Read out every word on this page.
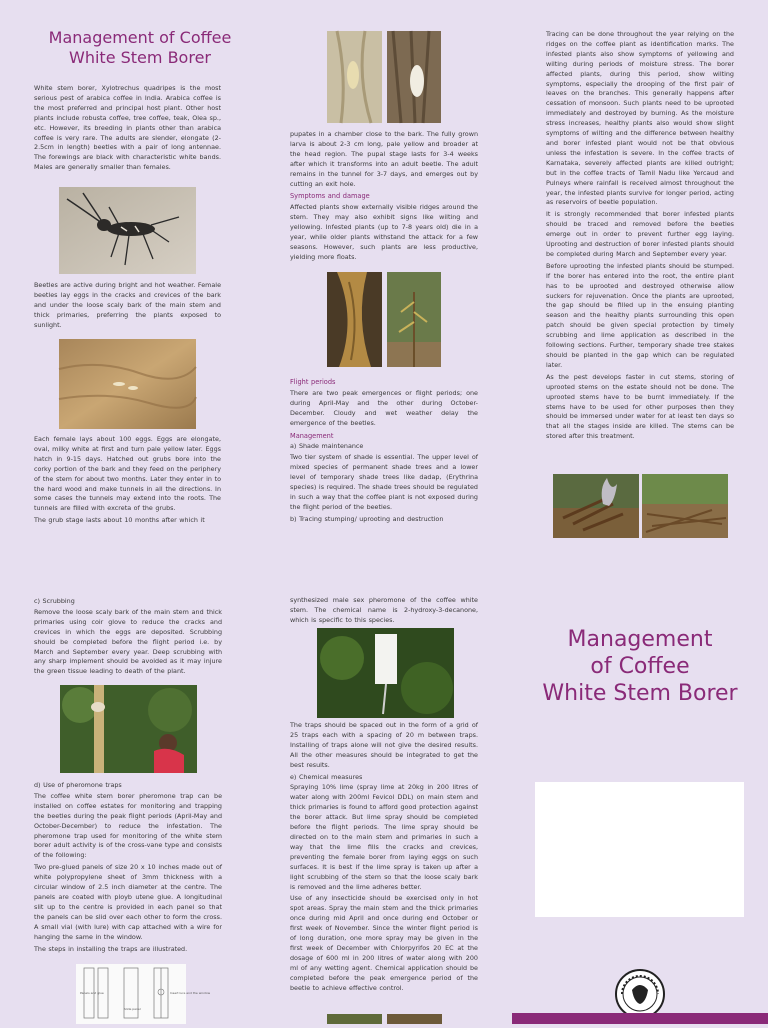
Management of Coffee
White Stem Borer

White stem borer, Xylotrechus quadripes is the most serious pest of arabica coffee in India. Arabica coffee is the most preferred and principal host plant. Other host plants include robusta coffee, tree coffee, teak, Olea sp., etc. However, its breeding in plants other than arabica coffee is very rare. The adults are slender, elongate (2-2.5cm in length) beetles with a pair of long antennae. The forewings are black with characteristic white bands. Males are generally smaller than females.

Beetles are active during bright and hot weather. Female beetles lay eggs in the cracks and crevices of the bark and under the loose scaly bark of the main stem and thick primaries, preferring the plants exposed to sunlight.

Each female lays about 100 eggs. Eggs are elongate, oval, milky white at first and turn pale yellow later. Eggs hatch in 9-15 days. Hatched out grubs bore into the corky portion of the bark and they feed on the periphery of the stem for about two months. Later they enter in to the hard wood and make tunnels in all the directions. In some cases the tunnels may extend into the roots. The tunnels are filled with excreta of the grubs.

The grub stage lasts about 10 months after which it

pupates in a chamber close to the bark. The fully grown larva is about 2-3 cm long, pale yellow and broader at the head region. The pupal stage lasts for 3-4 weeks after which it transforms into an adult beetle. The adult remains in the tunnel for 3-7 days, and emerges out by cutting an exit hole.

Symptoms and damage

Affected plants show externally visible ridges around the stem. They may also exhibit signs like wilting and yellowing. Infested plants (up to 7-8 years old) die in a year, while older plants withstand the attack for a few seasons. However, such plants are less productive, yielding more floats.

Flight periods

There are two peak emergences or flight periods; one during April-May and the other during October-December. Cloudy and wet weather delay the emergence of the beetles.

Management
a) Shade maintenance

Two tier system of shade is essential. The upper level of mixed species of permanent shade trees and a lower level of temporary shade trees like dadap, (Erythrina species) is required. The shade trees should be regulated in such a way that the coffee plant is not exposed during the flight period of the beetles.

b) Tracing stumping/ uprooting and destruction

Tracing can be done throughout the year relying on the ridges on the coffee plant as identification marks. The infested plants also show symptoms of yellowing and wilting during periods of moisture stress. The borer affected plants, during this period, show wilting symptoms, especially the drooping of the first pair of leaves on the branches. This generally happens after cessation of monsoon. Such plants need to be uprooted immediately and destroyed by burning. As the moisture stress increases, healthy plants also would show slight symptoms of wilting and the difference between healthy and borer infested plant would not be that obvious unless the infestation is severe. In the coffee tracts of Karnataka, severely affected plants are killed outright; but in the coffee tracts of Tamil Nadu like Yercaud and Pulneys where rainfall is received almost throughout the year, the infested plants survive for longer period, acting as reservoirs of beetle population.

It is strongly recommended that borer infested plants should be traced and removed before the beetles emerge out in order to prevent further egg laying. Uprooting and destruction of borer infested plants should be completed during March and September every year.

Before uprooting the infested plants should be stumped. If the borer has entered into the root, the entire plant has to be uprooted and destroyed otherwise allow suckers for rejuvenation. Once the plants are uprooted, the gap should be filled up in the ensuing planting season and the healthy plants surrounding this open patch should be given special protection by timely scrubbing and lime application as described in the following sections. Further, temporary shade tree stakes should be planted in the gap which can be regulated later.

As the pest develops faster in cut stems, storing of uprooted stems on the estate should not be done. The uprooted stems have to be burnt immediately. If the stems have to be used for other purposes then they should be immersed under water for at least ten days so that all the stages inside are killed. The stems can be stored after this treatment.

c) Scrubbing

Remove the loose scaly bark of the main stem and thick primaries using coir glove to reduce the cracks and crevices in which the eggs are deposited. Scrubbing should be completed before the flight period i.e. by March and September every year. Deep scrubbing with any sharp implement should be avoided as it may injure the green tissue leading to death of the plant.

d) Use of pheromone traps

The coffee white stem borer pheromone trap can be installed on coffee estates for monitoring and trapping the beetles during the peak flight periods (April-May and October-December) to reduce the infestation. The pheromone trap used for monitoring of the white stem borer adult activity is of the cross-vane type and consists of the following:

Two pre-glued panels of size 20 x 10 inches made out of white polypropylene sheet of 3mm thickness with a circular window of 2.5 inch diameter at the centre. The panels are coated with ployb utene glue. A longitudinal slit up to the centre is provided in each panel so that the panels can be slid over each other to form the cross. A small vial (with lure) with cap attached with a wire for hanging the same in the window.

The steps in installing the traps are illustrated.

Panels and glue
Slide panel
Insert lure and the window

synthesized male sex pheromone of the coffee white stem. The chemical name is 2-hydroxy-3-decanone, which is specific to this species.

The traps should be spaced out in the form of a grid of 25 traps each with a spacing of 20 m between traps. Installing of traps alone will not give the desired results. All the other measures should be integrated to get the best results.

e) Chemical measures

Spraying 10% lime (spray lime at 20kg in 200 litres of water along with 200ml Fevicol DDL) on main stem and thick primaries is found to afford good protection against the borer attack. But lime spray should be completed before the flight periods. The lime spray should be directed on to the main stem and primaries in such a way that the lime fills the cracks and crevices, preventing the female borer from laying eggs on such surfaces. It is best if the lime spray is taken up after a light scrubbing of the stem so that the loose scaly bark is removed and the lime adheres better.

Use of any insecticide should be exercised only in hot spot areas. Spray the main stem and the thick primaries once during mid April and once during end October or first week of November. Since the winter flight period is of long duration, one more spray may be given in the first week of December with Chlorpyrifos 20 EC at the dosage of 600 ml in 200 litres of water along with 200 ml of any wetting agent. Chemical application should be completed before the peak emergence period of the beetle to achieve effective control.

Management
of Coffee
White Stem Borer
